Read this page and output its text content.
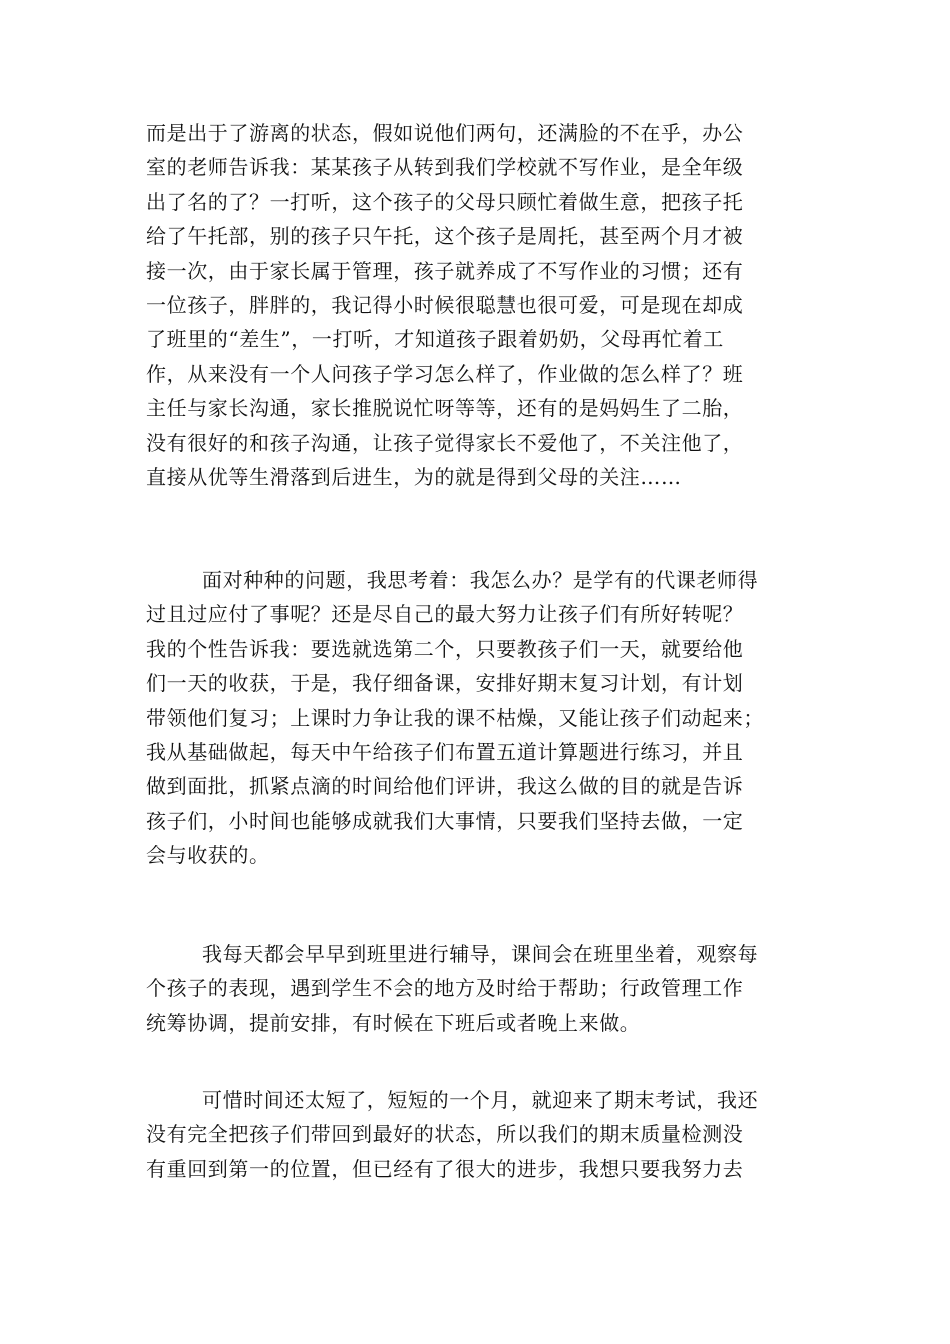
而是出于了游离的状态，假如说他们两句，还满脸的不在乎，办公
室的老师告诉我：某某孩子从转到我们学校就不写作业，是全年级
出了名的了？一打听，这个孩子的父母只顾忙着做生意，把孩子托
给了午托部，别的孩子只午托，这个孩子是周托，甚至两个月才被
接一次，由于家长属于管理，孩子就养成了不写作业的习惯；还有
一位孩子，胖胖的，我记得小时候很聪慧也很可爱，可是现在却成
了班里的“差生”，一打听，才知道孩子跟着奶奶，父母再忙着工
作，从来没有一个人问孩子学习怎么样了，作业做的怎么样了？班
主任与家长沟通，家长推脱说忙呀等等，还有的是妈妈生了二胎，
没有很好的和孩子沟通，让孩子觉得家长不爱他了，不关注他了，
直接从优等生滑落到后进生，为的就是得到父母的关注……
面对种种的问题，我思考着：我怎么办？是学有的代课老师得
过且过应付了事呢？还是尽自己的最大努力让孩子们有所好转呢？
我的个性告诉我：要选就选第二个，只要教孩子们一天，就要给他
们一天的收获，于是，我仔细备课，安排好期末复习计划，有计划
带领他们复习；上课时力争让我的课不枯燥，又能让孩子们动起来；
我从基础做起，每天中午给孩子们布置五道计算题进行练习，并且
做到面批，抓紧点滴的时间给他们评讲，我这么做的目的就是告诉
孩子们，小时间也能够成就我们大事情，只要我们坚持去做，一定
会与收获的。
我每天都会早早到班里进行辅导，课间会在班里坐着，观察每
个孩子的表现，遇到学生不会的地方及时给于帮助；行政管理工作
统筹协调，提前安排，有时候在下班后或者晚上来做。
可惜时间还太短了，短短的一个月，就迎来了期末考试，我还
没有完全把孩子们带回到最好的状态，所以我们的期末质量检测没
有重回到第一的位置，但已经有了很大的进步，我想只要我努力去
